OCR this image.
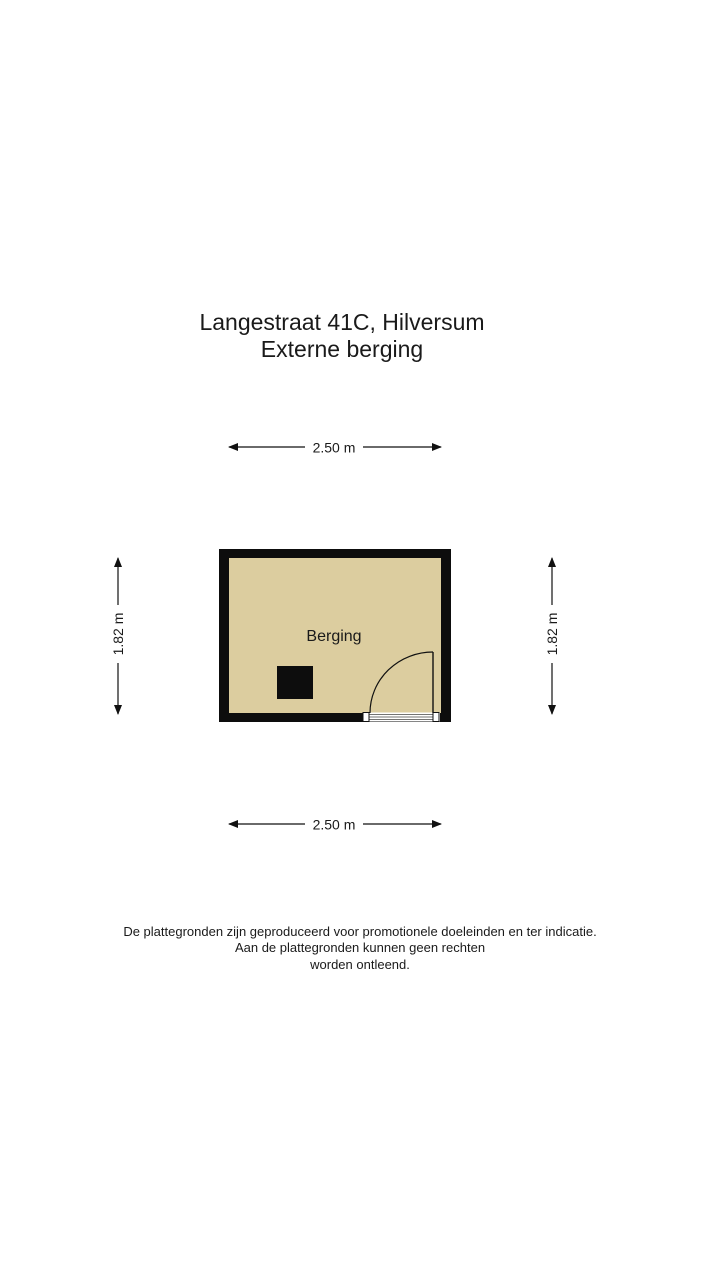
Langestraat 41C, Hilversum
Externe berging
2.50 m
2.50 m
1.82 m	1.82 m
Berging
De plattegronden zijn geproduceerd voor promotionele doeleinden en ter indicatie.
Aan de plattegronden kunnen geen rechten
worden ontleend.
